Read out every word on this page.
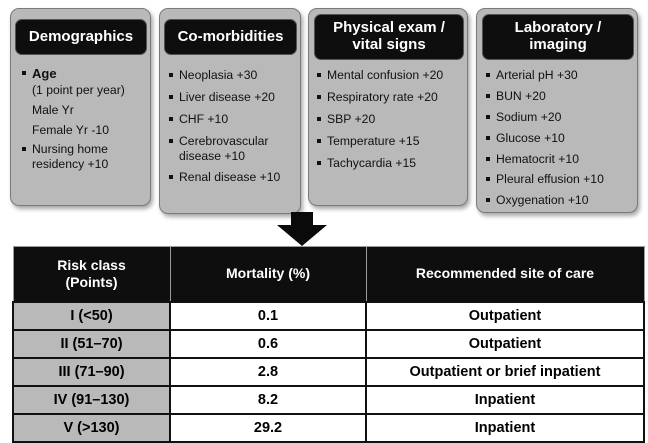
Demographics
Age
(1 point per year)
Male Yr
Female Yr -10
Nursing home
residency +10
Co-morbidities
Neoplasia +30
Liver disease +20
CHF +10
Cerebrovascular
disease +10
Renal disease +10
Physical exam /
vital signs
Mental confusion +20
Respiratory rate +20
SBP +20
Temperature +15
Tachycardia +15
Laboratory /
imaging
Arterial pH +30
BUN +20
Sodium +20
Glucose +10
Hematocrit +10
Pleural effusion +10
Oxygenation +10
Risk class
(Points)	Mortality (%)	Recommended site of care
I (<50)	0.1	Outpatient
II (51–70)	0.6	Outpatient
III (71–90)	2.8	Outpatient or brief inpatient
IV (91–130)	8.2	Inpatient
V (>130)	29.2	Inpatient
